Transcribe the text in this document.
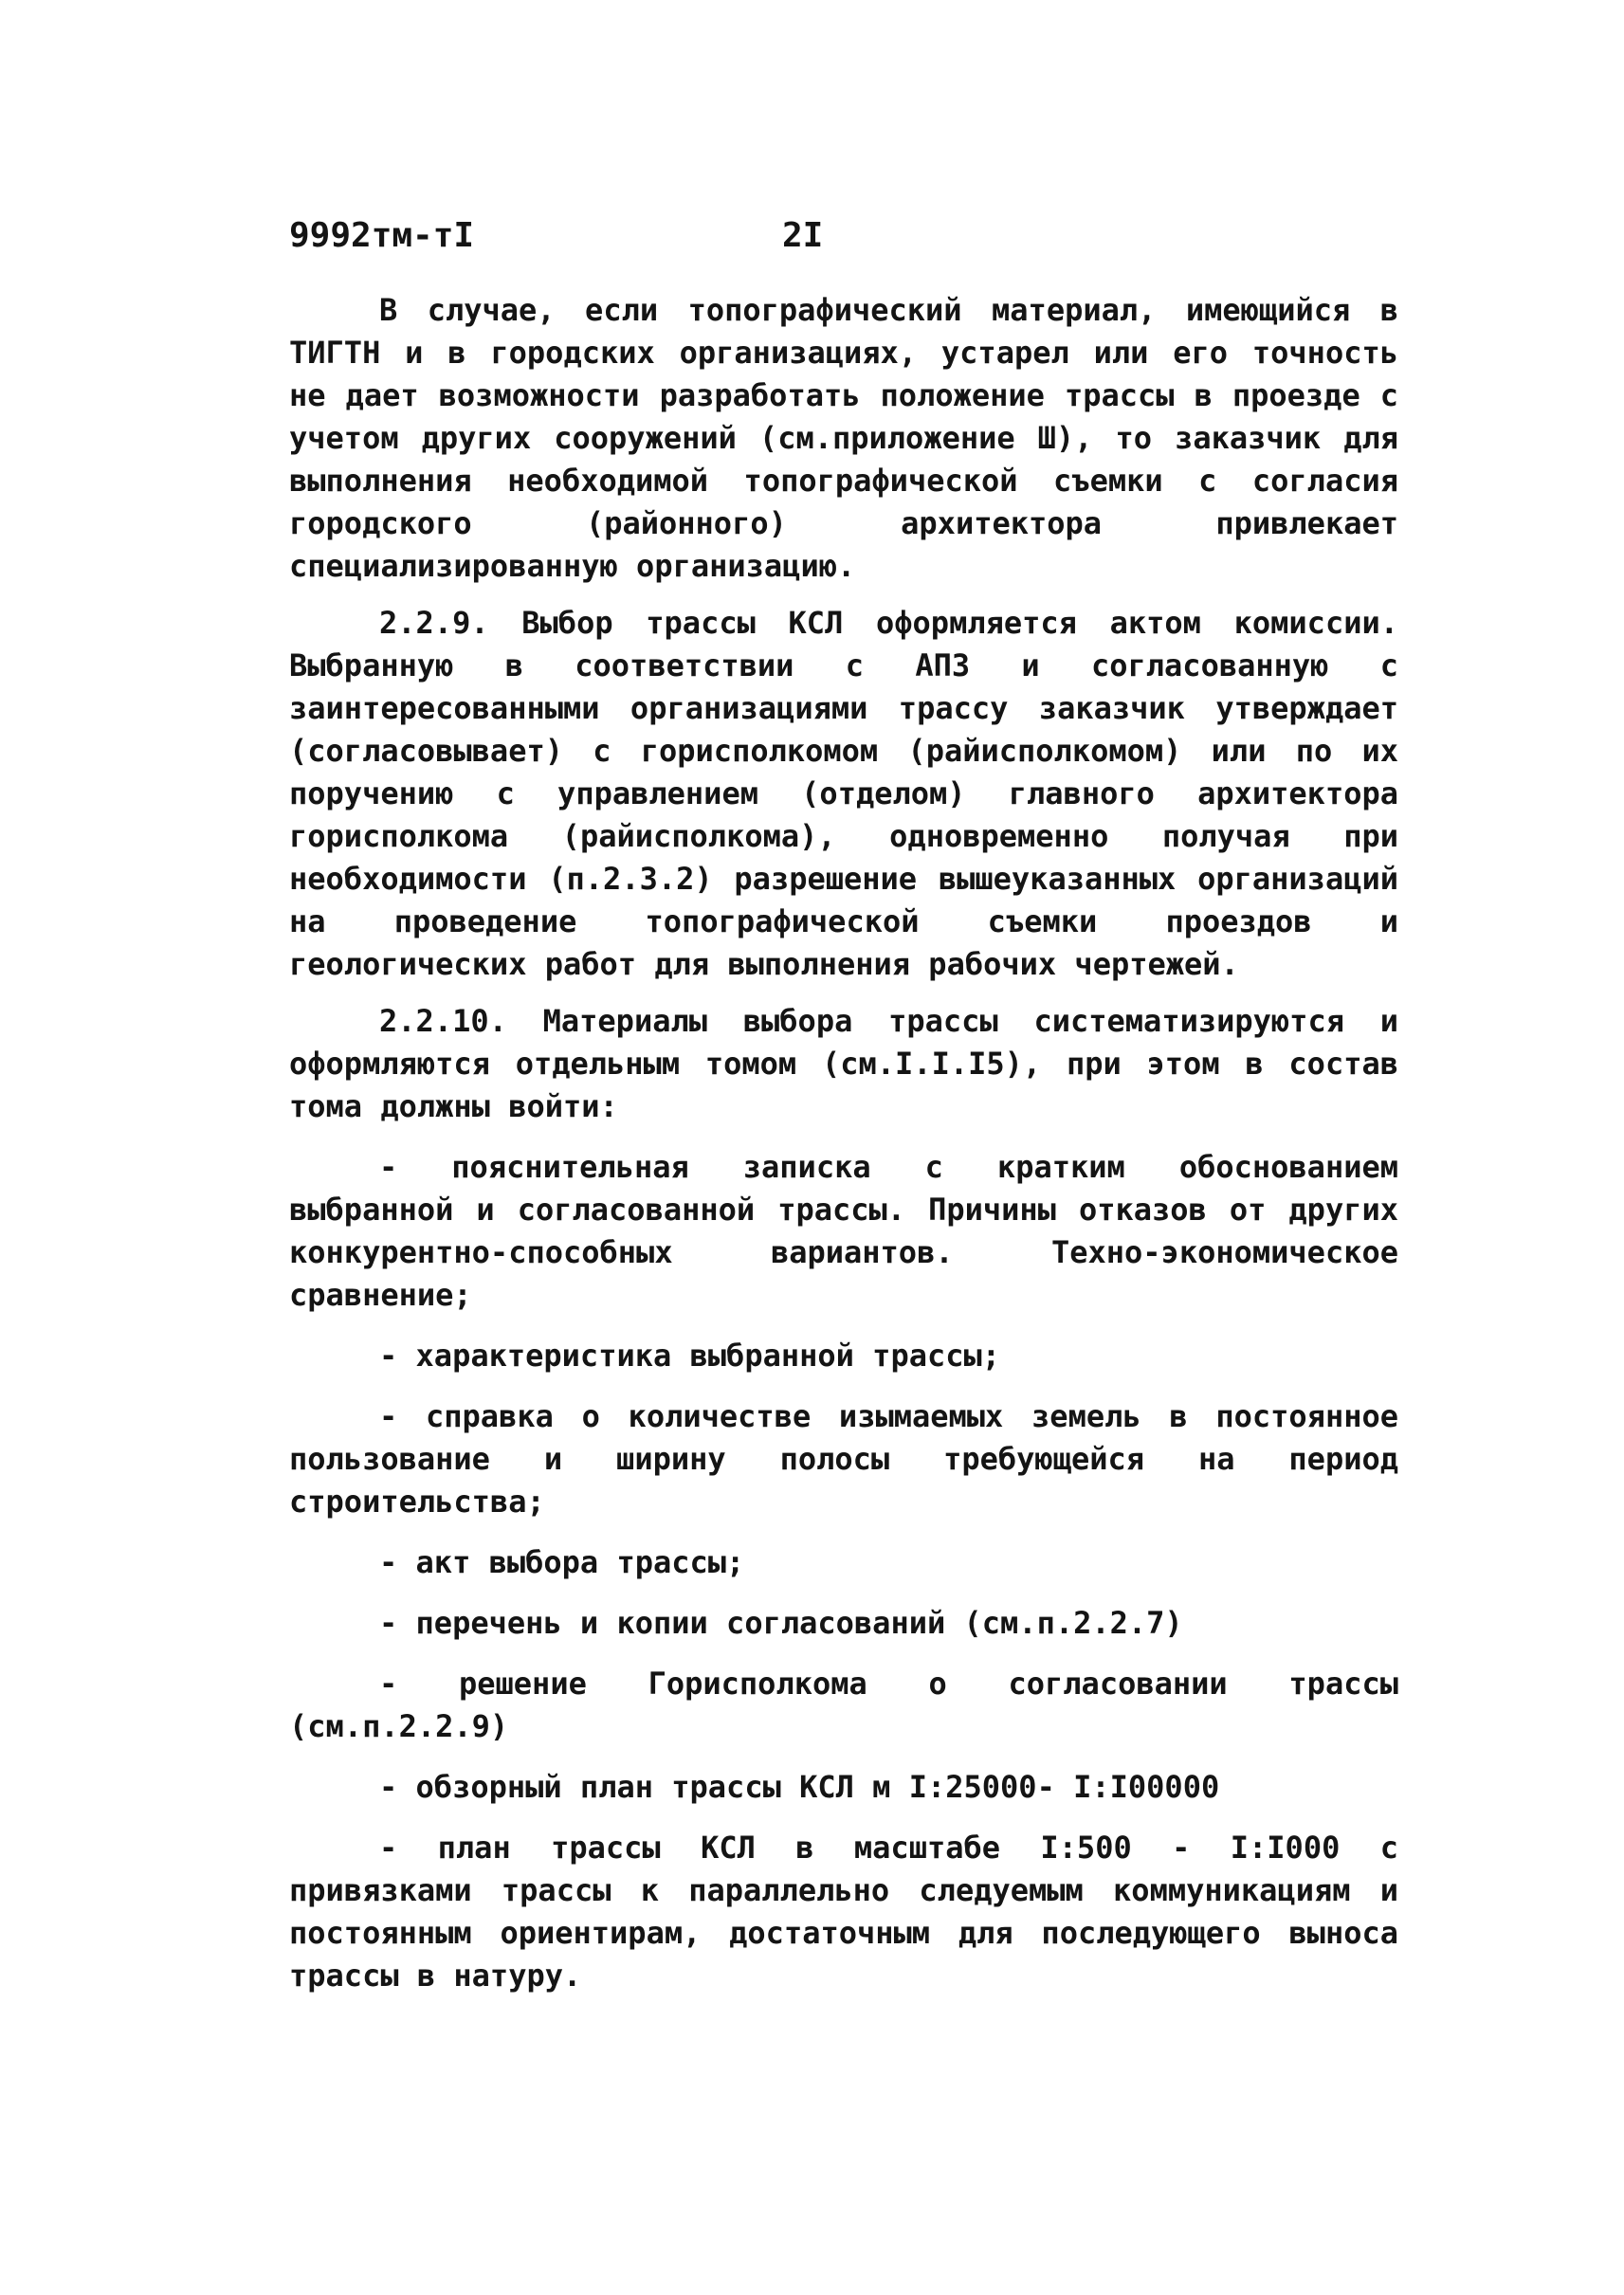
9992тм-тI	2I

В случае, если топографический материал, имеющийся в ТИГТН и в городских организациях, устарел или его точность не дает возможности разработать положение трассы в проезде с учетом других сооружений (см.приложение Ш), то заказчик для выполнения необходимой топографической съемки с согласия городского (районного) архитектора привлекает специализированную организацию.

2.2.9. Выбор трассы КСЛ оформляется актом комиссии. Выбранную в соответствии с АПЗ и согласованную с заинтересованными организациями трассу заказчик утверждает (согласовывает) с горисполкомом (райисполкомом) или по их поручению с управлением (отделом) главного архитектора горисполкома (райисполкома), одновременно получая при необходимости (п.2.3.2) разрешение вышеуказанных организаций на проведение топографической съемки проездов и геологических работ для выполнения рабочих чертежей.

2.2.10. Материалы выбора трассы систематизируются и оформляются отдельным томом (см.I.I.I5), при этом в состав тома должны войти:

- пояснительная записка с кратким обоснованием выбранной и согласованной трассы. Причины отказов от других конкурентно-способных вариантов. Техно-экономическое сравнение;

- характеристика выбранной трассы;

- справка о количестве изымаемых земель в постоянное пользование и ширину полосы требующейся на период строительства;

- акт выбора трассы;

- перечень и копии согласований (см.п.2.2.7)

- решение Горисполкома о согласовании трассы (см.п.2.2.9)

- обзорный план трассы КСЛ м I:25000- I:I00000

- план трассы КСЛ в масштабе I:500 - I:I000 с привязками трассы к параллельно следуемым коммуникациям и постоянным ориентирам, достаточным для последующего выноса трассы в натуру.
